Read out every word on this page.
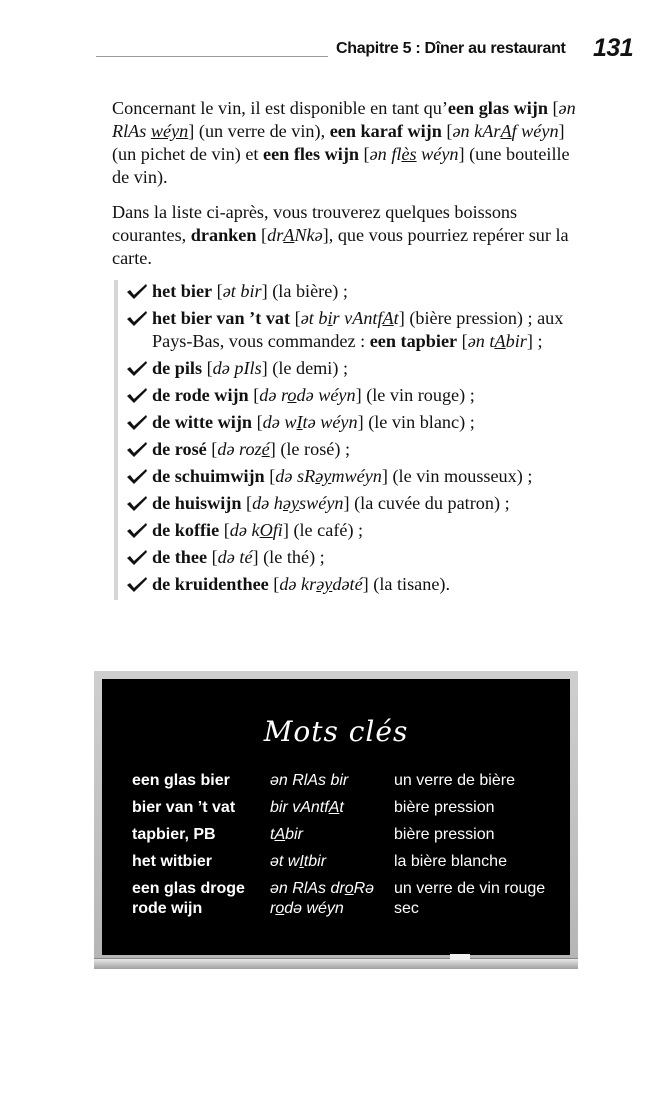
Chapitre 5 : Dîner au restaurant 131

Concernant le vin, il est disponible en tant qu’een glas wijn [ən RlAs wéyn] (un verre de vin), een karaf wijn [ən kArAf wéyn] (un pichet de vin) et een fles wijn [ən flès wéyn] (une bouteille de vin).

Dans la liste ci-après, vous trouverez quelques boissons courantes, dranken [drANkə], que vous pourriez repérer sur la carte.

het bier [ət bir] (la bière) ;
het bier van ’t vat [ət bir vAntfAt] (bière pression) ; aux Pays-Bas, vous commandez : een tapbier [ən tAbir] ;
de pils [də pIls] (le demi) ;
de rode wijn [də rodə wéyn] (le vin rouge) ;
de witte wijn [də wItə wéyn] (le vin blanc) ;
de rosé [də rozé] (le rosé) ;
de schuimwijn [də sRəymwéyn] (le vin mousseux) ;
de huiswijn [də həyswéyn] (la cuvée du patron) ;
de koffie [də kOfi] (le café) ;
de thee [də té] (le thé) ;
de kruidenthee [də krəydəté] (la tisane).
Mots clés
een glas bier	ən RlAs bir	un verre de bière
bier van ’t vat	bir vAntfAt	bière pression
tapbier, PB	tAbir	bière pression
het witbier	ət wItbir	la bière blanche
een glas droge rode wijn	ən RlAs droRə rodə wéyn	un verre de vin rouge sec
